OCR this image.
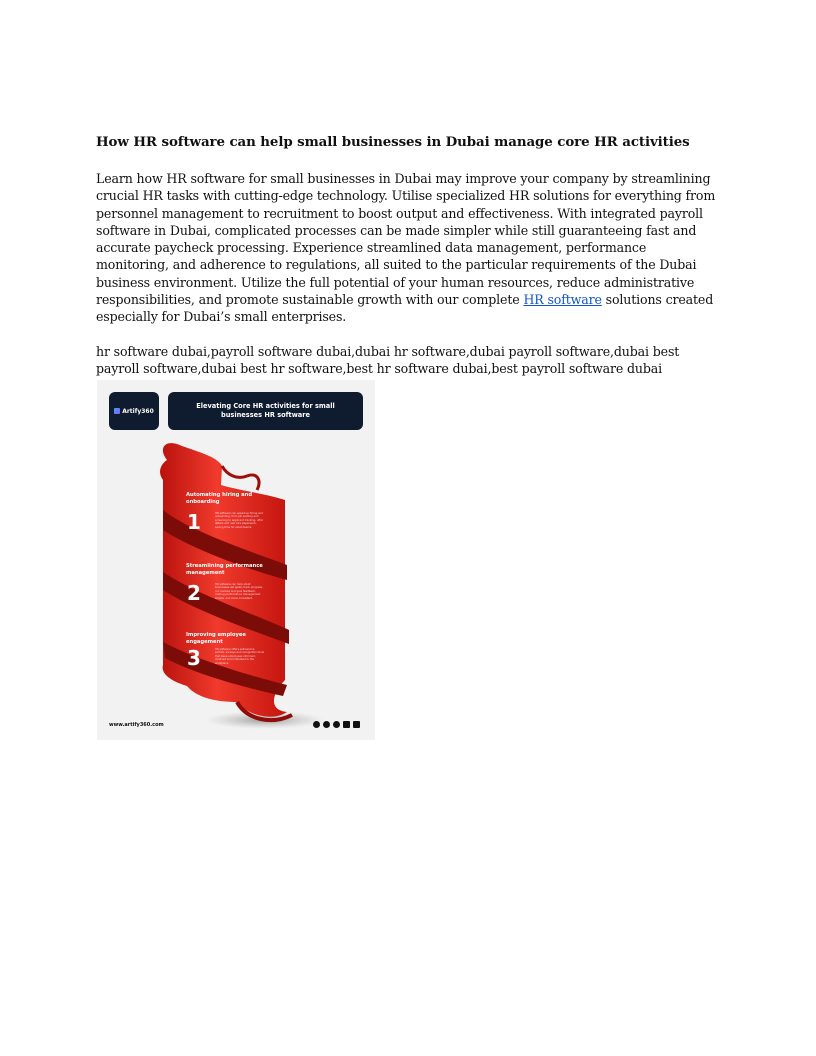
How HR software can help small businesses in Dubai manage core HR activities

Learn how HR software for small businesses in Dubai may improve your company by streamlining crucial HR tasks with cutting-edge technology. Utilise specialized HR solutions for everything from personnel management to recruitment to boost output and effectiveness. With integrated payroll software in Dubai, complicated processes can be made simpler while still guaranteeing fast and accurate paycheck processing. Experience streamlined data management, performance monitoring, and adherence to regulations, all suited to the particular requirements of the Dubai business environment. Utilize the full potential of your human resources, reduce administrative responsibilities, and promote sustainable growth with our complete HR software solutions created especially for Dubai’s small enterprises.

hr software dubai,payroll software dubai,dubai hr software,dubai payroll software,dubai best payroll software,dubai best hr software,best hr software dubai,best payroll software dubai

Artify360
Elevating Core HR activities for small businesses HR software
Automating hiring and onboarding
1	HR software can speed up hiring and onboarding, from job posting and screening to applicant tracking, offer letters and new hire paperwork, saving time for small teams.
Streamlining performance management
2	HR software can help small businesses set goals, track progress, run reviews and give feedback, making performance management simpler and more consistent.
Improving employee engagement
3	HR software offers self-service portals, surveys and recognition tools that keep employees informed, involved and motivated in the workplace.
www.artify360.com
